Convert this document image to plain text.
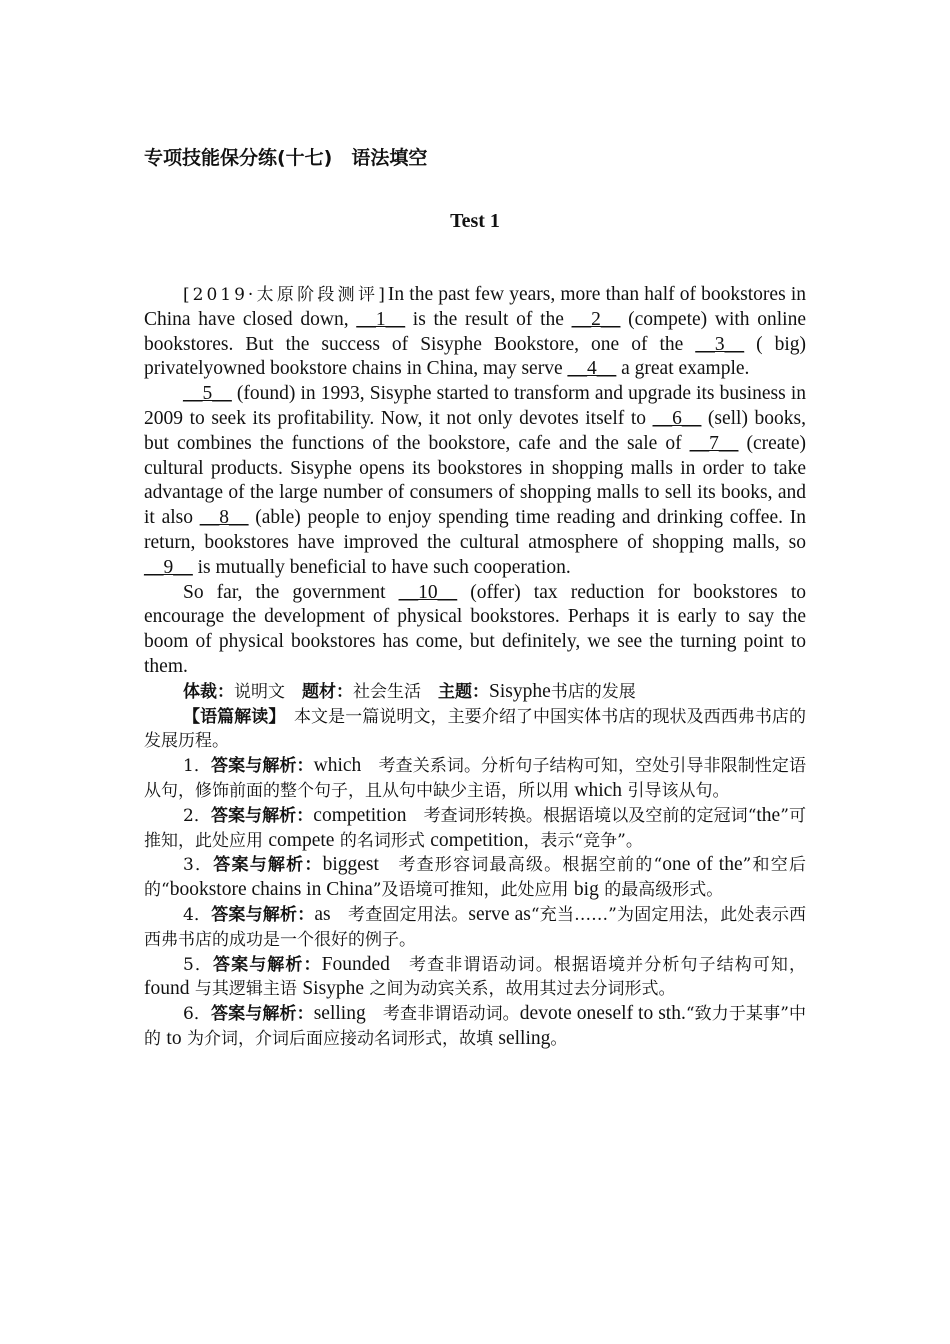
专项技能保分练(十七)　语法填空
Test 1

[2019·太原阶段测评]In the past few years, more than half of bookstores in China have closed down, __1__ is the result of the __2__ (compete) with online bookstores. But the success of Sisyphe Bookstore, one of the __3__ ( big) privatelyowned bookstore chains in China, may serve __4__ a great example.

__5__ (found) in 1993, Sisyphe started to transform and upgrade its business in 2009 to seek its profitability. Now, it not only devotes itself to __6__ (sell) books, but combines the functions of the bookstore, cafe and the sale of __7__ (create) cultural products. Sisyphe opens its bookstores in shopping malls in order to take advantage of the large number of consumers of shopping malls to sell its books, and it also __8__ (able) people to enjoy spending time reading and drinking coffee. In return, bookstores have improved the cultural atmosphere of shopping malls, so __9__ is mutually beneficial to have such cooperation.

So far, the government __10__ (offer) tax reduction for bookstores to encourage the development of physical bookstores. Perhaps it is early to say the boom of physical bookstores has come, but definitely, we see the turning point to them.

体裁：说明文　题材：社会生活　主题：Sisyphe书店的发展

【语篇解读】　本文是一篇说明文，主要介绍了中国实体书店的现状及西西弗书店的发展历程。

1．答案与解析：which　考查关系词。分析句子结构可知，空处引导非限制性定语从句，修饰前面的整个句子，且从句中缺少主语，所以用 which 引导该从句。

2．答案与解析：competition　考查词形转换。根据语境以及空前的定冠词“the”可推知，此处应用 compete 的名词形式 competition，表示“竞争”。

3．答案与解析：biggest　考查形容词最高级。根据空前的“one of the”和空后的“bookstore chains in China”及语境可推知，此处应用 big 的最高级形式。

4．答案与解析：as　考查固定用法。serve as“充当……”为固定用法，此处表示西西弗书店的成功是一个很好的例子。

5．答案与解析：Founded　考查非谓语动词。根据语境并分析句子结构可知，found 与其逻辑主语 Sisyphe 之间为动宾关系，故用其过去分词形式。

6．答案与解析：selling　考查非谓语动词。devote oneself to sth.“致力于某事”中的 to 为介词，介词后面应接动名词形式，故填 selling。
